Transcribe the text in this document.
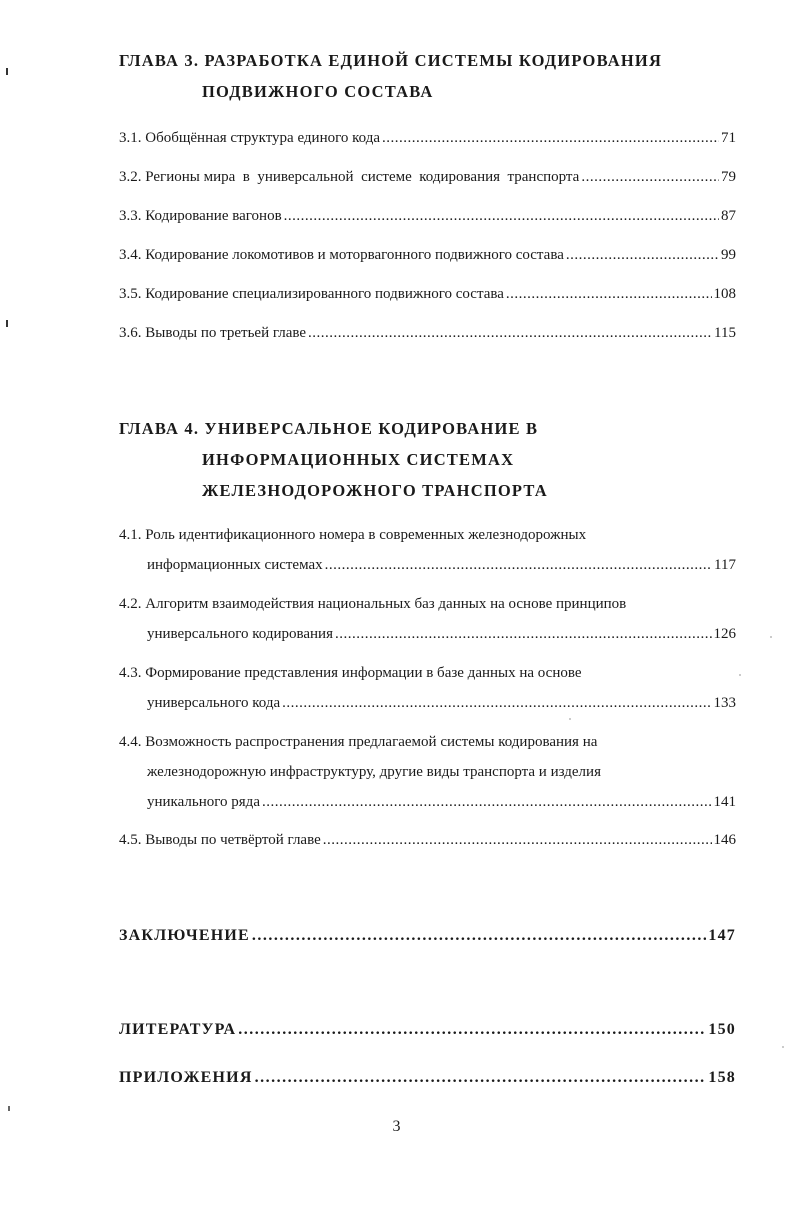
ГЛАВА 3. РАЗРАБОТКА ЕДИНОЙ СИСТЕМЫ КОДИРОВАНИЯ
ПОДВИЖНОГО СОСТАВА
3.1. Обобщённая структура единого кода .....	71
3.2. Регионы мира  в  универсальной  системе  кодирования  транспорта .....	79
3.3. Кодирование вагонов .....	87
3.4. Кодирование локомотивов и моторвагонного подвижного состава .....	99
3.5. Кодирование специализированного подвижного состава .....	108
3.6. Выводы по третьей главе .....	115
ГЛАВА 4. УНИВЕРСАЛЬНОЕ КОДИРОВАНИЕ В
ИНФОРМАЦИОННЫХ СИСТЕМАХ
ЖЕЛЕЗНОДОРОЖНОГО ТРАНСПОРТА
4.1. Роль идентификационного номера в современных железнодорожных
информационных системах .....	117
4.2. Алгоритм взаимодействия национальных баз данных на основе принципов
универсального кодирования .....	126
4.3. Формирование представления информации в базе данных на основе
универсального кода .....	133
4.4. Возможность распространения предлагаемой системы кодирования на
железнодорожную инфраструктуру, другие виды транспорта и изделия
уникального ряда .....	141
4.5. Выводы по четвёртой главе .....	146
ЗАКЛЮЧЕНИЕ .....	147
ЛИТЕРАТУРА .....	150
ПРИЛОЖЕНИЯ .....	158
3
